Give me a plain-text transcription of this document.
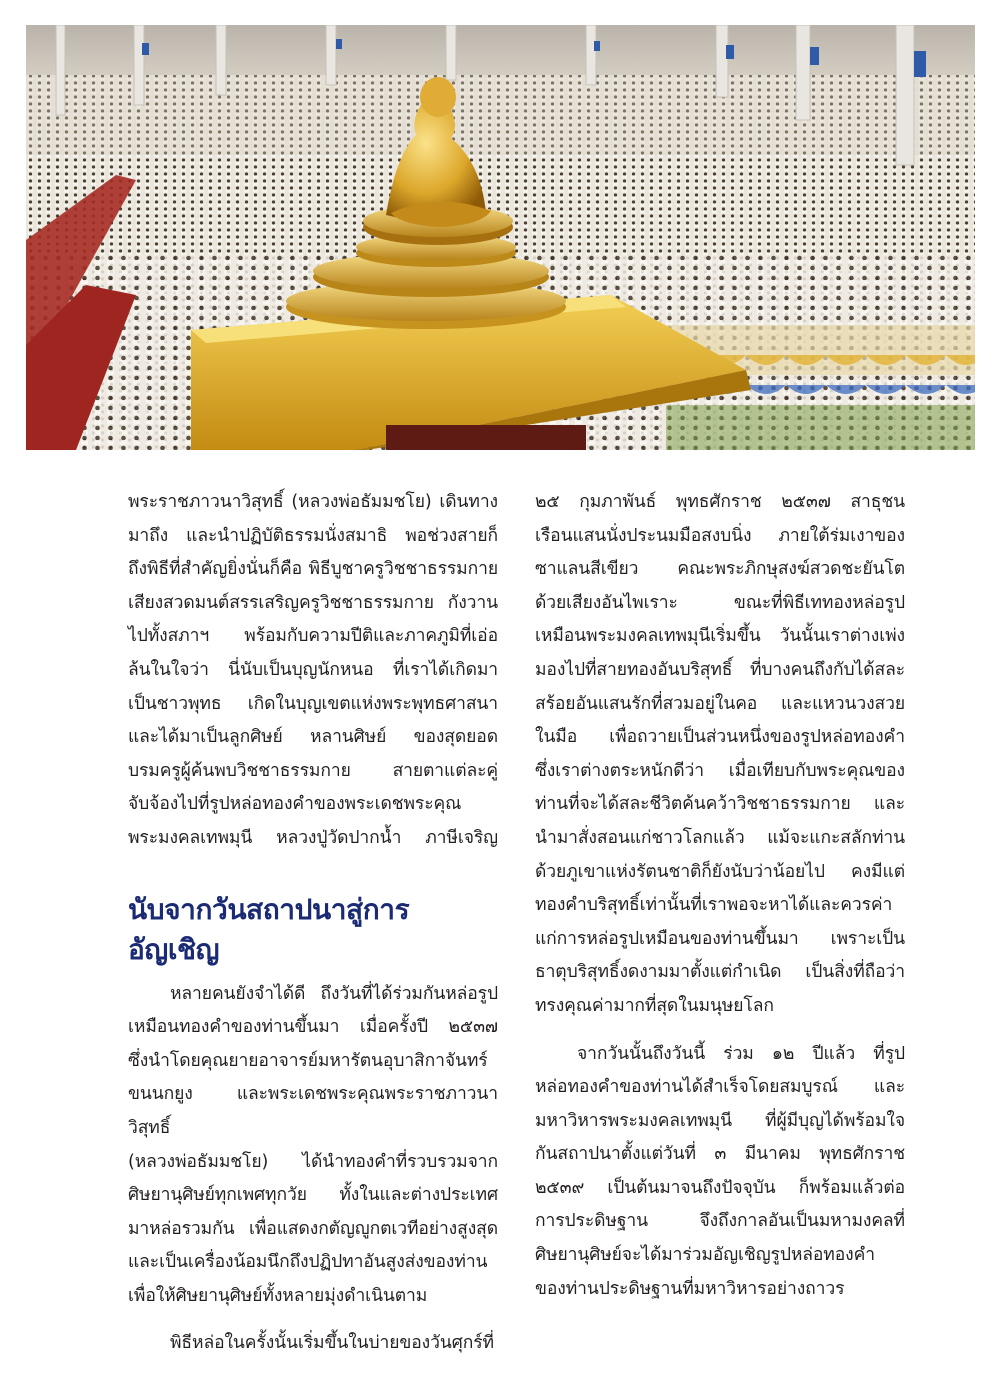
พระราชภาวนาวิสุทธิ์ (หลวงพ่อธัมมชโย) เดินทาง

มาถึง และนำปฏิบัติธรรมนั่งสมาธิ พอช่วงสายก็

ถึงพิธีที่สำคัญยิ่งนั่นก็คือ พิธีบูชาครูวิชชาธรรมกาย

เสียงสวดมนต์สรรเสริญครูวิชชาธรรมกาย กังวาน

ไปทั้งสภาฯ พร้อมกับความปีติและภาคภูมิที่เอ่อ

ล้นในใจว่า นี่นับเป็นบุญนักหนอ ที่เราได้เกิดมา

เป็นชาวพุทธ เกิดในบุญเขตแห่งพระพุทธศาสนา

และได้มาเป็นลูกศิษย์ หลานศิษย์ ของสุดยอด

บรมครูผู้ค้นพบวิชชาธรรมกาย สายตาแต่ละคู่

จับจ้องไปที่รูปหล่อทองคำของพระเดชพระคุณ

พระมงคลเทพมุนี หลวงปู่วัดปากน้ำ ภาษีเจริญ

นับจากวันสถาปนาสู่การอัญเชิญ

หลายคนยังจำได้ดี ถึงวันที่ได้ร่วมกันหล่อรูป

เหมือนทองคำของท่านขึ้นมา เมื่อครั้งปี ๒๕๓๗

ซึ่งนำโดยคุณยายอาจารย์มหารัตนอุบาสิกาจันทร์

ขนนกยูง และพระเดชพระคุณพระราชภาวนาวิสุทธิ์

(หลวงพ่อธัมมชโย) ได้นำทองคำที่รวบรวมจาก

ศิษยานุศิษย์ทุกเพศทุกวัย ทั้งในและต่างประเทศ

มาหล่อรวมกัน เพื่อแสดงกตัญญูกตเวทีอย่างสูงสุด

และเป็นเครื่องน้อมนึกถึงปฏิปทาอันสูงส่งของท่าน

เพื่อให้ศิษยานุศิษย์ทั้งหลายมุ่งดำเนินตาม

พิธีหล่อในครั้งนั้นเริ่มขึ้นในบ่ายของวันศุกร์ที่

๒๕ กุมภาพันธ์ พุทธศักราช ๒๕๓๗ สาธุชน

เรือนแสนนั่งประนมมือสงบนิ่ง ภายใต้ร่มเงาของ

ซาแลนสีเขียว คณะพระภิกษุสงฆ์สวดชะยันโต

ด้วยเสียงอันไพเราะ ขณะที่พิธีเททองหล่อรูป

เหมือนพระมงคลเทพมุนีเริ่มขึ้น วันนั้นเราต่างเพ่ง

มองไปที่สายทองอันบริสุทธิ์ ที่บางคนถึงกับได้สละ

สร้อยอันแสนรักที่สวมอยู่ในคอ และแหวนวงสวย

ในมือ เพื่อถวายเป็นส่วนหนึ่งของรูปหล่อทองคำ

ซึ่งเราต่างตระหนักดีว่า เมื่อเทียบกับพระคุณของ

ท่านที่จะได้สละชีวิตค้นคว้าวิชชาธรรมกาย และ

นำมาสั่งสอนแก่ชาวโลกแล้ว แม้จะแกะสลักท่าน

ด้วยภูเขาแห่งรัตนชาติก็ยังนับว่าน้อยไป คงมีแต่

ทองคำบริสุทธิ์เท่านั้นที่เราพอจะหาได้และควรค่า

แก่การหล่อรูปเหมือนของท่านขึ้นมา เพราะเป็น

ธาตุบริสุทธิ์งดงามมาตั้งแต่กำเนิด เป็นสิ่งที่ถือว่า

ทรงคุณค่ามากที่สุดในมนุษยโลก

จากวันนั้นถึงวันนี้ ร่วม ๑๒ ปีแล้ว ที่รูป

หล่อทองคำของท่านได้สำเร็จโดยสมบูรณ์ และ

มหาวิหารพระมงคลเทพมุนี ที่ผู้มีบุญได้พร้อมใจ

กันสถาปนาตั้งแต่วันที่ ๓ มีนาคม พุทธศักราช

๒๕๓๙ เป็นต้นมาจนถึงปัจจุบัน ก็พร้อมแล้วต่อ

การประดิษฐาน จึงถึงกาลอันเป็นมหามงคลที่

ศิษยานุศิษย์จะได้มาร่วมอัญเชิญรูปหล่อทองคำ

ของท่านประดิษฐานที่มหาวิหารอย่างถาวร
